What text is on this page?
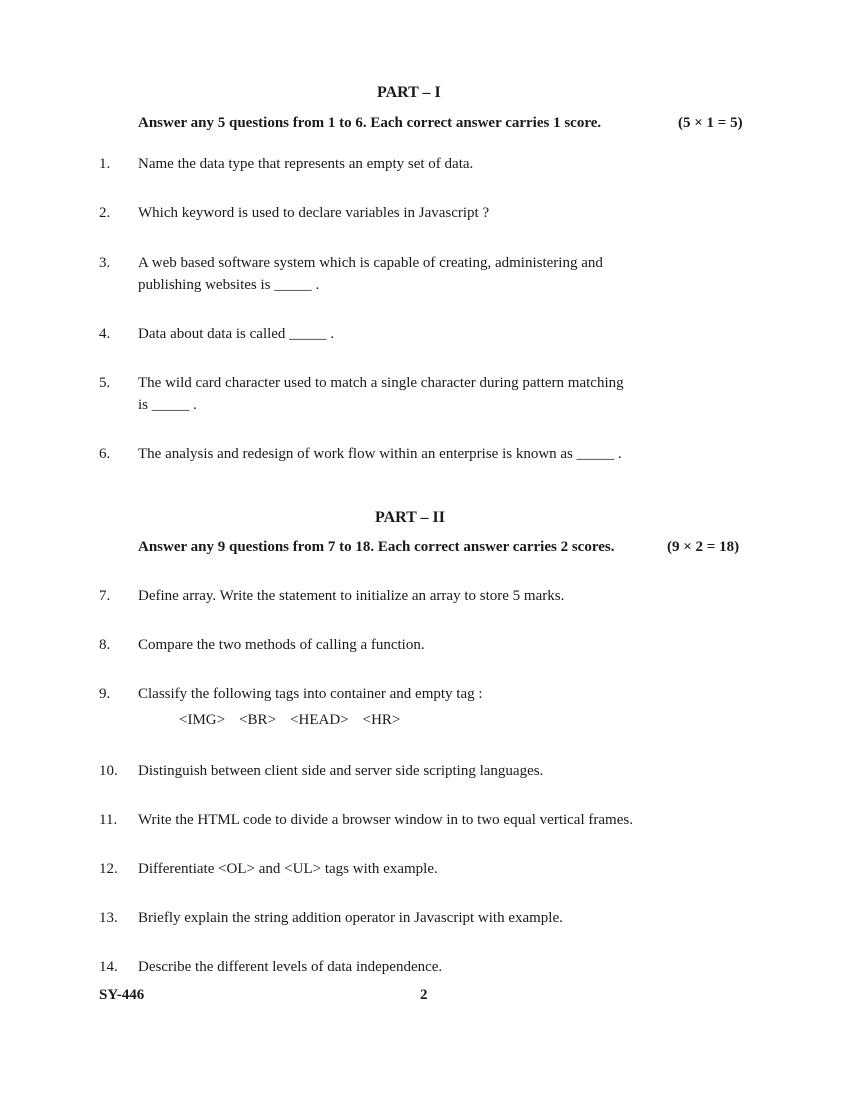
PART – I
Answer any 5 questions from 1 to 6. Each correct answer carries 1 score.	(5 × 1 = 5)
1. Name the data type that represents an empty set of data.
2. Which keyword is used to declare variables in Javascript ?
3. A web based software system which is capable of creating, administering and
publishing websites is _____ .
4. Data about data is called _____ .
5. The wild card character used to match a single character during pattern matching
is _____ .
6. The analysis and redesign of work flow within an enterprise is known as _____ .
PART – II
Answer any 9 questions from 7 to 18. Each correct answer carries 2 scores.	(9 × 2 = 18)
7. Define array. Write the statement to initialize an array to store 5 marks.
8. Compare the two methods of calling a function.
9. Classify the following tags into container and empty tag :
<IMG> <BR> <HEAD> <HR>
10. Distinguish between client side and server side scripting languages.
11. Write the HTML code to divide a browser window in to two equal vertical frames.
12. Differentiate <OL> and <UL> tags with example.
13. Briefly explain the string addition operator in Javascript with example.
14. Describe the different levels of data independence.
SY-446	2
